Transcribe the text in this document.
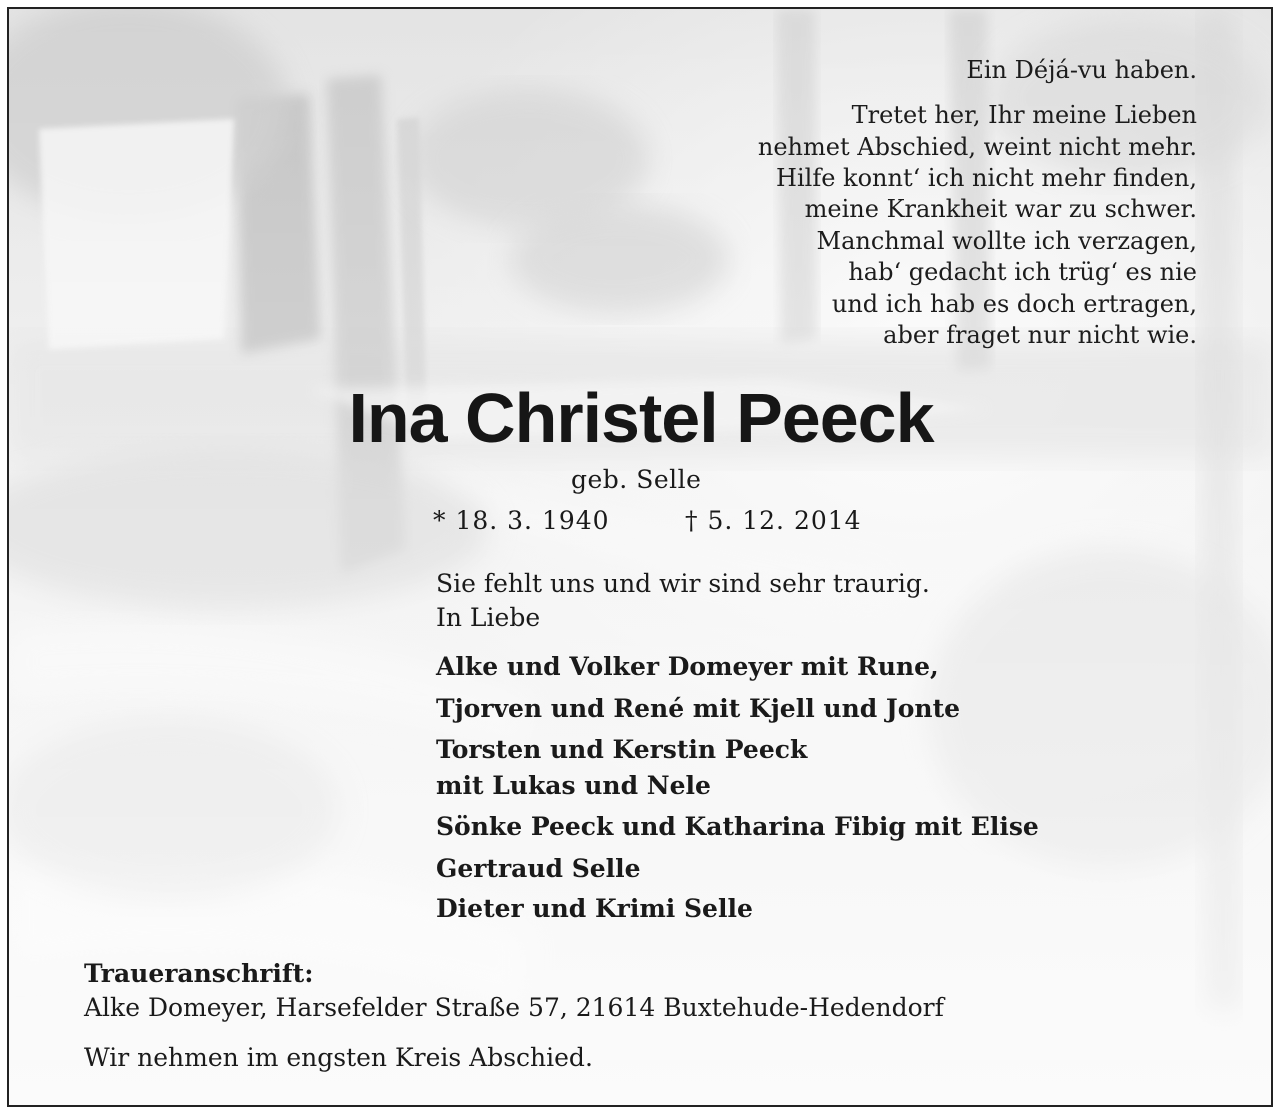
Ein Déjá-vu haben.
Tretet her, Ihr meine Lieben
nehmet Abschied, weint nicht mehr.
Hilfe konnt‘ ich nicht mehr finden,
meine Krankheit war zu schwer.
Manchmal wollte ich verzagen,
hab‘ gedacht ich trüg‘ es nie
und ich hab es doch ertragen,
aber fraget nur nicht wie.
Ina Christel Peeck
geb. Selle
* 18. 3. 1940	† 5. 12. 2014
Sie fehlt uns und wir sind sehr traurig.
In Liebe
Alke und Volker Domeyer mit Rune,
Tjorven und René mit Kjell und Jonte
Torsten und Kerstin Peeck
mit Lukas und Nele
Sönke Peeck und Katharina Fibig mit Elise
Gertraud Selle
Dieter und Krimi Selle
Traueranschrift:
Alke Domeyer, Harsefelder Straße 57, 21614 Buxtehude-Hedendorf
Wir nehmen im engsten Kreis Abschied.
